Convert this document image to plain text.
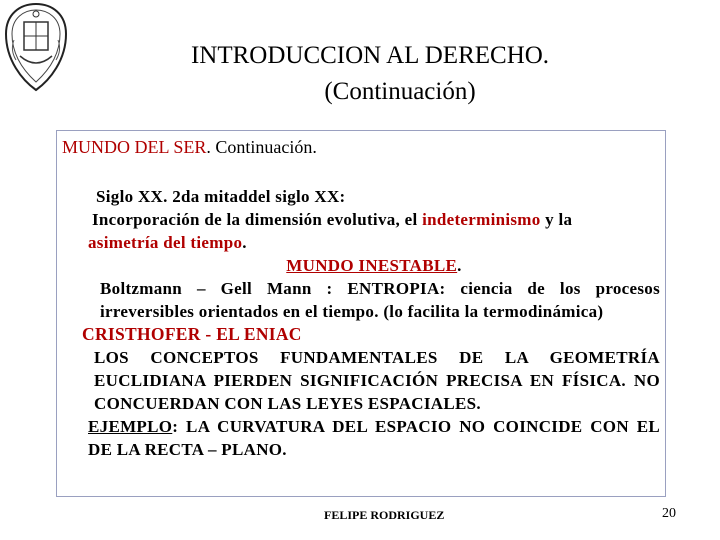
INTRODUCCION AL DERECHO.
(Continuación)
MUNDO DEL SER. Continuación.
Siglo XX. 2da mitaddel siglo XX:
Incorporación de la dimensión evolutiva, el indeterminismo y la
asimetría del tiempo.
MUNDO INESTABLE.
Boltzmann – Gell Mann : ENTROPIA: ciencia de los procesos irreversibles orientados en el tiempo. (lo facilita la termodinámica)
CRISTHOFER - EL ENIAC
LOS CONCEPTOS FUNDAMENTALES DE LA GEOMETRÍA EUCLIDIANA PIERDEN SIGNIFICACIÓN PRECISA EN FÍSICA. NO CONCUERDAN CON LAS LEYES ESPACIALES.
EJEMPLO: LA CURVATURA DEL ESPACIO NO COINCIDE CON EL DE LA RECTA – PLANO.
FELIPE RODRIGUEZ	20
